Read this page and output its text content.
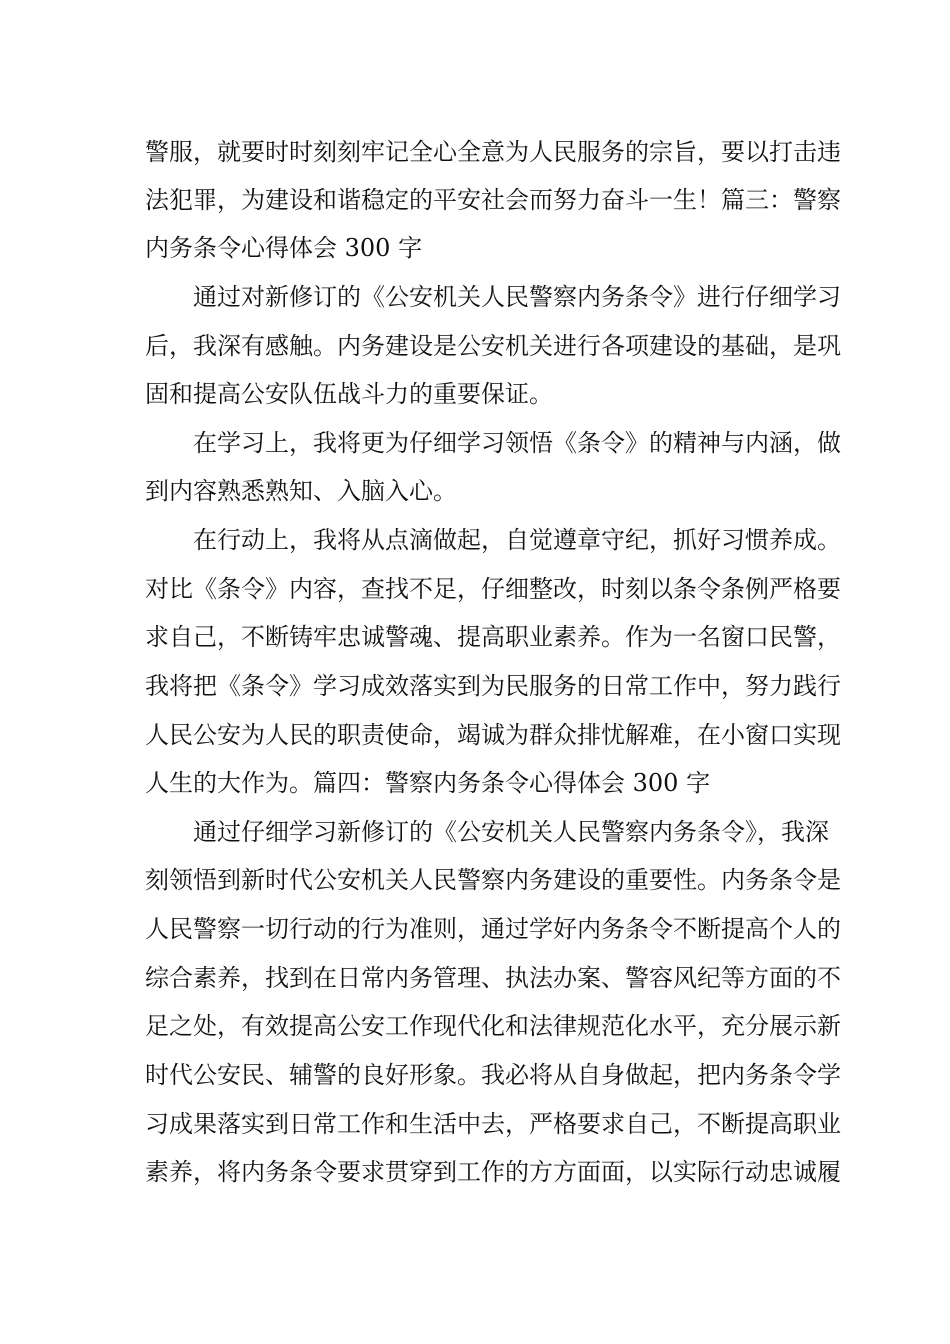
警服，就要时时刻刻牢记全心全意为人民服务的宗旨，要以打击违
法犯罪，为建设和谐稳定的平安社会而努力奋斗一生！篇三：警察
内务条令心得体会 300 字
通过对新修订的《公安机关人民警察内务条令》进行仔细学习
后，我深有感触。内务建设是公安机关进行各项建设的基础，是巩
固和提高公安队伍战斗力的重要保证。
在学习上，我将更为仔细学习领悟《条令》的精神与内涵，做
到内容熟悉熟知、入脑入心。
在行动上，我将从点滴做起，自觉遵章守纪，抓好习惯养成。
对比《条令》内容，查找不足，仔细整改，时刻以条令条例严格要
求自己，不断铸牢忠诚警魂、提高职业素养。作为一名窗口民警，
我将把《条令》学习成效落实到为民服务的日常工作中，努力践行
人民公安为人民的职责使命，竭诚为群众排忧解难，在小窗口实现
人生的大作为。篇四：警察内务条令心得体会 300 字
通过仔细学习新修订的《公安机关人民警察内务条令》，我深
刻领悟到新时代公安机关人民警察内务建设的重要性。内务条令是
人民警察一切行动的行为准则，通过学好内务条令不断提高个人的
综合素养，找到在日常内务管理、执法办案、警容风纪等方面的不
足之处，有效提高公安工作现代化和法律规范化水平，充分展示新
时代公安民、辅警的良好形象。我必将从自身做起，把内务条令学
习成果落实到日常工作和生活中去，严格要求自己，不断提高职业
素养，将内务条令要求贯穿到工作的方方面面，以实际行动忠诚履
